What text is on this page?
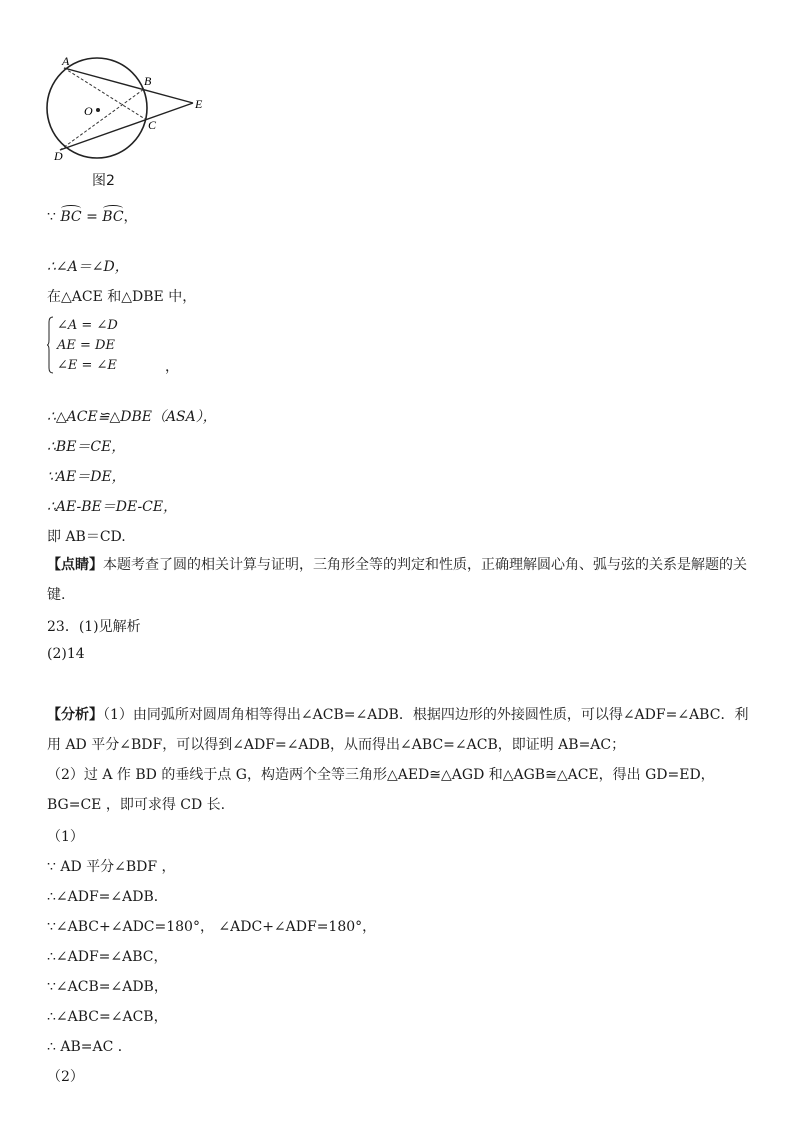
A
B
C
D
E
O
图2
∵ BC = BC，
∴∠A＝∠D，
在△ACE 和△DBE 中，
∠A = ∠D
AE = DE
∠E = ∠E	，
∴△ACE≌△DBE（ASA），
∴BE＝CE，
∵AE＝DE，
∴AE-BE＝DE-CE，
即 AB＝CD.
【点睛】本题考查了圆的相关计算与证明，三角形全等的判定和性质，正确理解圆心角、弧与弦的关系是解题的关键.
23．(1)见解析
(2)14
【分析】（1）由同弧所对圆周角相等得出∠ACB=∠ADB．根据四边形的外接圆性质，可以得∠ADF=∠ABC．利用 AD 平分∠BDF，可以得到∠ADF=∠ADB，从而得出∠ABC=∠ACB，即证明 AB=AC；
（2）过 A 作 BD 的垂线于点 G，构造两个全等三角形△AED≅△AGD 和△AGB≅△ACE，得出 GD=ED，BG=CE ，即可求得 CD 长.
（1）
∵ AD 平分∠BDF ，
∴∠ADF=∠ADB．
∵∠ABC+∠ADC=180°， ∠ADC+∠ADF=180°，
∴∠ADF=∠ABC，
∵∠ACB=∠ADB，
∴∠ABC=∠ACB，
∴ AB=AC ．
（2）
